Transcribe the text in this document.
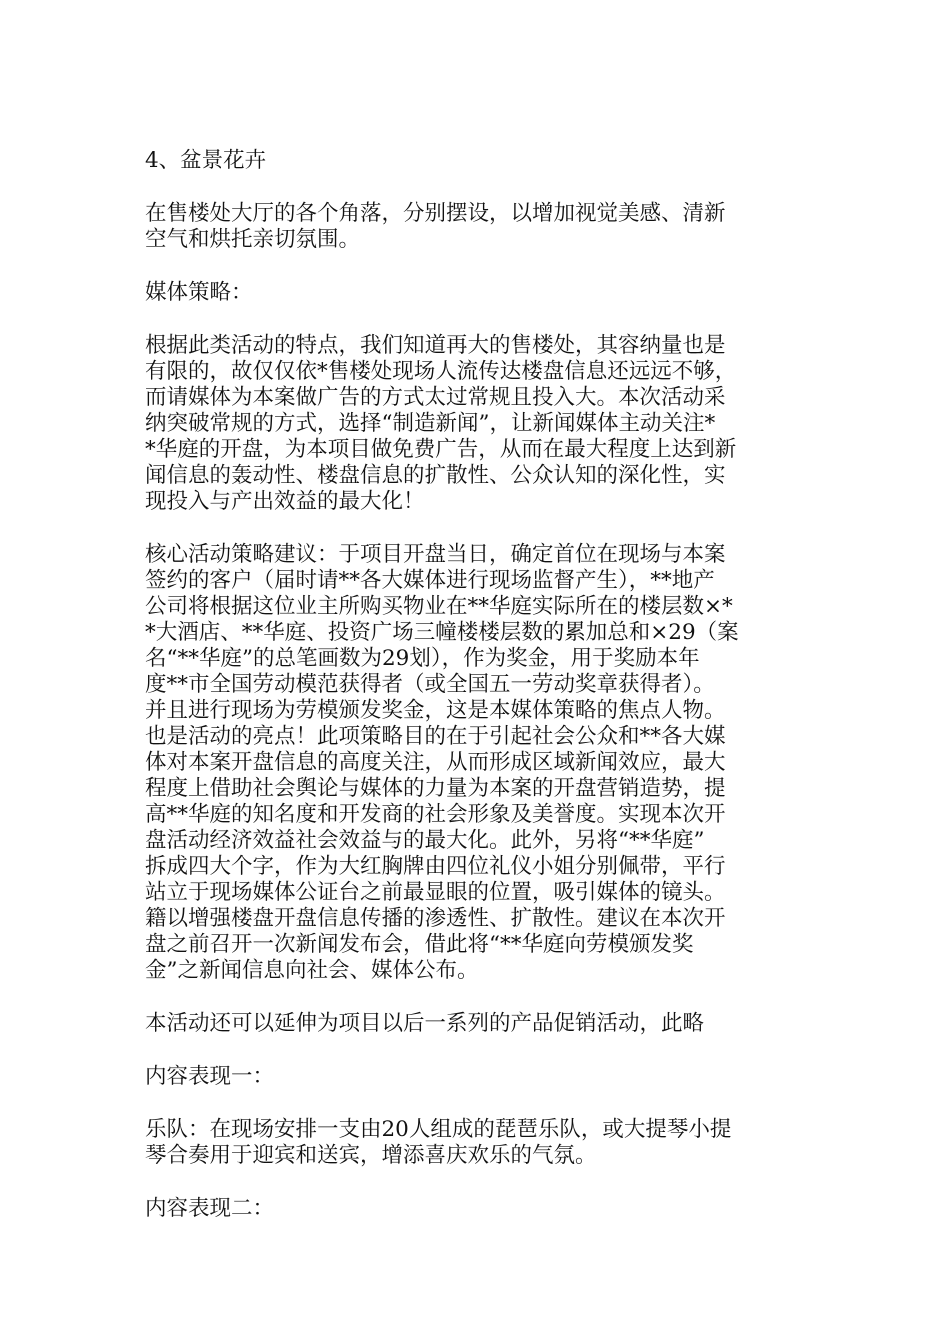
4、盆景花卉

在售楼处大厅的各个角落，分别摆设，以增加视觉美感、清新
空气和烘托亲切氛围。

媒体策略：

根据此类活动的特点，我们知道再大的售楼处，其容纳量也是
有限的，故仅仅依*售楼处现场人流传达楼盘信息还远远不够，
而请媒体为本案做广告的方式太过常规且投入大。本次活动采
纳突破常规的方式，选择“制造新闻”，让新闻媒体主动关注*
*华庭的开盘，为本项目做免费广告，从而在最大程度上达到新
闻信息的轰动性、楼盘信息的扩散性、公众认知的深化性，实
现投入与产出效益的最大化！

核心活动策略建议：于项目开盘当日，确定首位在现场与本案
签约的客户（届时请**各大媒体进行现场监督产生），**地产
公司将根据这位业主所购买物业在**华庭实际所在的楼层数×*
*大酒店、**华庭、投资广场三幢楼楼层数的累加总和×29（案
名“**华庭”的总笔画数为29划），作为奖金，用于奖励本年
度**市全国劳动模范获得者（或全国五一劳动奖章获得者）。
并且进行现场为劳模颁发奖金，这是本媒体策略的焦点人物。
也是活动的亮点！此项策略目的在于引起社会公众和**各大媒
体对本案开盘信息的高度关注，从而形成区域新闻效应，最大
程度上借助社会舆论与媒体的力量为本案的开盘营销造势，提
高**华庭的知名度和开发商的社会形象及美誉度。实现本次开
盘活动经济效益社会效益与的最大化。此外，另将“**华庭”
拆成四大个字，作为大红胸牌由四位礼仪小姐分别佩带，平行
站立于现场媒体公证台之前最显眼的位置，吸引媒体的镜头。
籍以增强楼盘开盘信息传播的渗透性、扩散性。建议在本次开
盘之前召开一次新闻发布会，借此将“**华庭向劳模颁发奖
金”之新闻信息向社会、媒体公布。

本活动还可以延伸为项目以后一系列的产品促销活动，此略

内容表现一：

乐队：在现场安排一支由20人组成的琵琶乐队，或大提琴小提
琴合奏用于迎宾和送宾，增添喜庆欢乐的气氛。

内容表现二：
